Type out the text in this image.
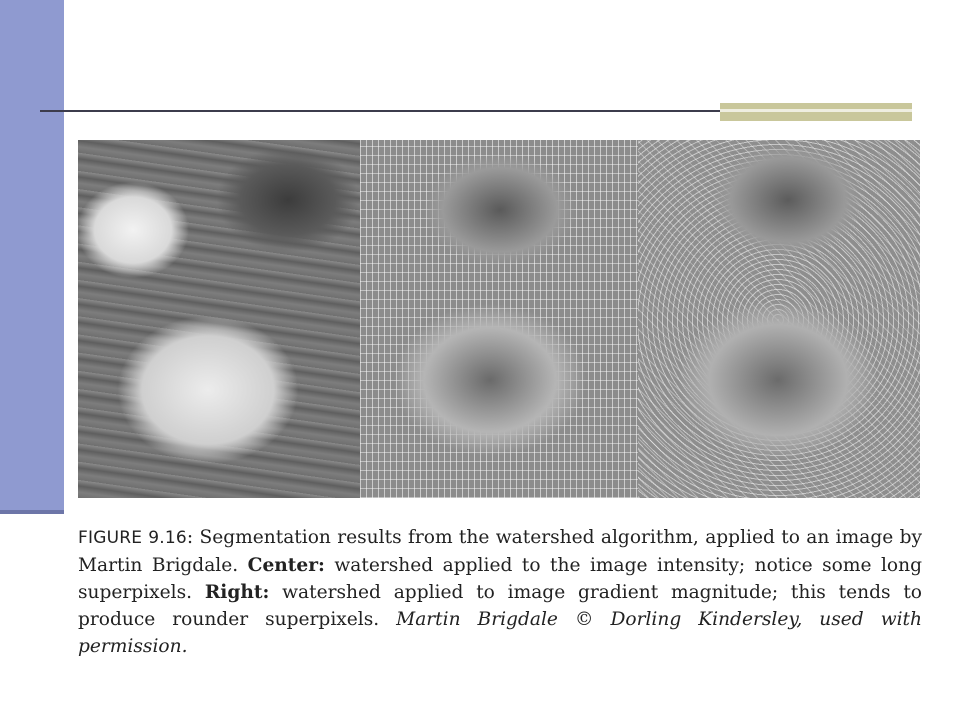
FIGURE 9.16: Segmentation results from the watershed algorithm, applied to an image by Martin Brigdale. Center: watershed applied to the image intensity; notice some long superpixels. Right: watershed applied to image gradient magnitude; this tends to produce rounder superpixels. Martin Brigdale © Dorling Kindersley, used with permission.
